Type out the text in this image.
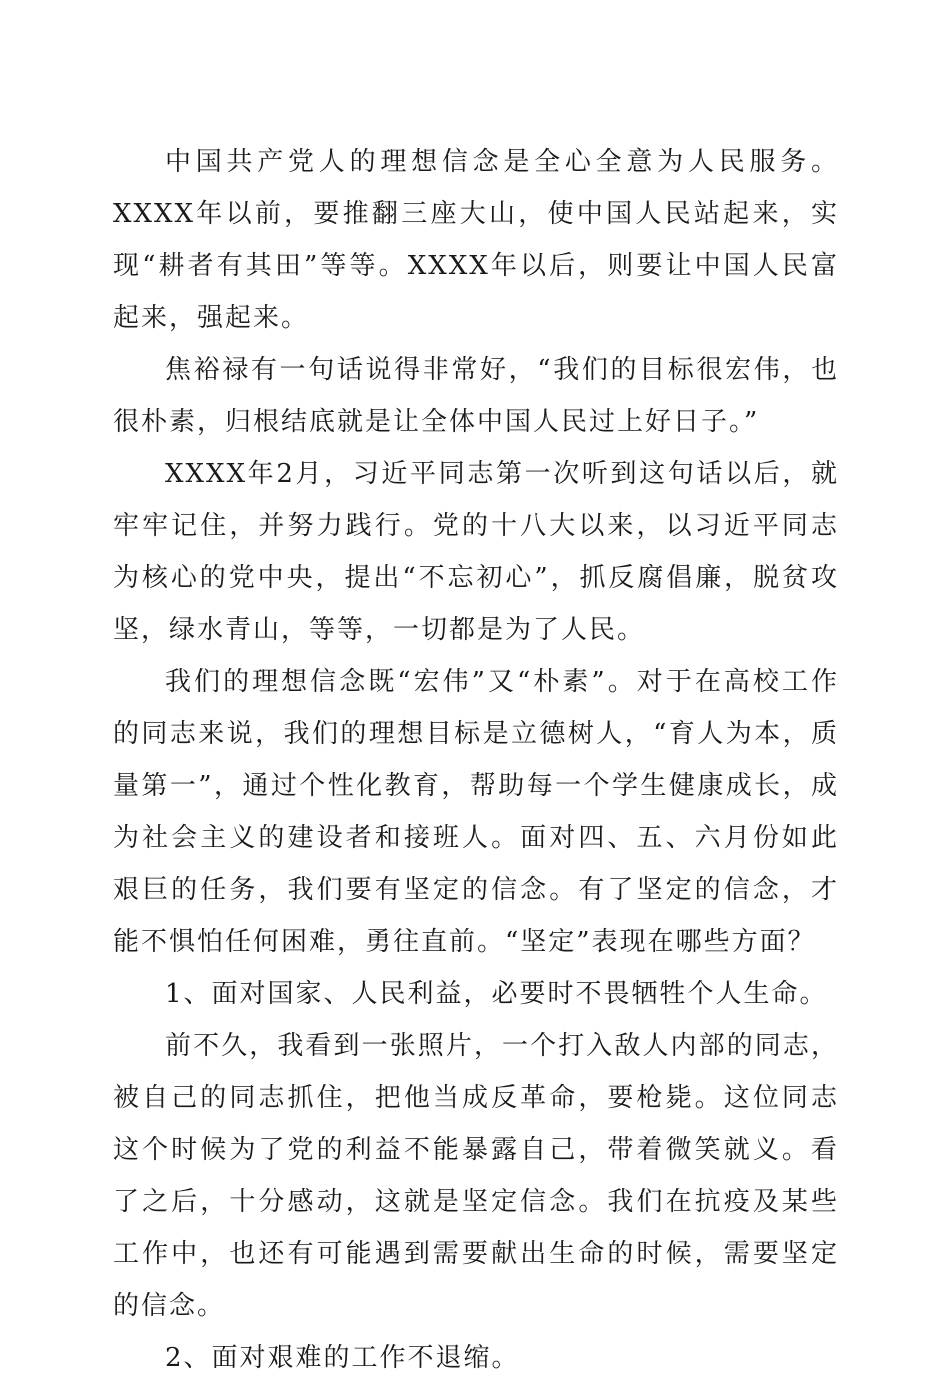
中国共产党人的理想信念是全心全意为人民服务。XXXX年以前，要推翻三座大山，使中国人民站起来，实现“耕者有其田”等等。XXXX年以后，则要让中国人民富起来，强起来。

焦裕禄有一句话说得非常好，“我们的目标很宏伟，也很朴素，归根结底就是让全体中国人民过上好日子。”

XXXX年2月，习近平同志第一次听到这句话以后，就牢牢记住，并努力践行。党的十八大以来，以习近平同志为核心的党中央，提出“不忘初心”，抓反腐倡廉，脱贫攻坚，绿水青山，等等，一切都是为了人民。

我们的理想信念既“宏伟”又“朴素”。对于在高校工作的同志来说，我们的理想目标是立德树人，“育人为本，质量第一”，通过个性化教育，帮助每一个学生健康成长，成为社会主义的建设者和接班人。面对四、五、六月份如此艰巨的任务，我们要有坚定的信念。有了坚定的信念，才能不惧怕任何困难，勇往直前。“坚定”表现在哪些方面？

1、面对国家、人民利益，必要时不畏牺牲个人生命。

前不久，我看到一张照片，一个打入敌人内部的同志，被自己的同志抓住，把他当成反革命，要枪毙。这位同志这个时候为了党的利益不能暴露自己，带着微笑就义。看了之后，十分感动，这就是坚定信念。我们在抗疫及某些工作中，也还有可能遇到需要献出生命的时候，需要坚定的信念。

2、面对艰难的工作不退缩。
